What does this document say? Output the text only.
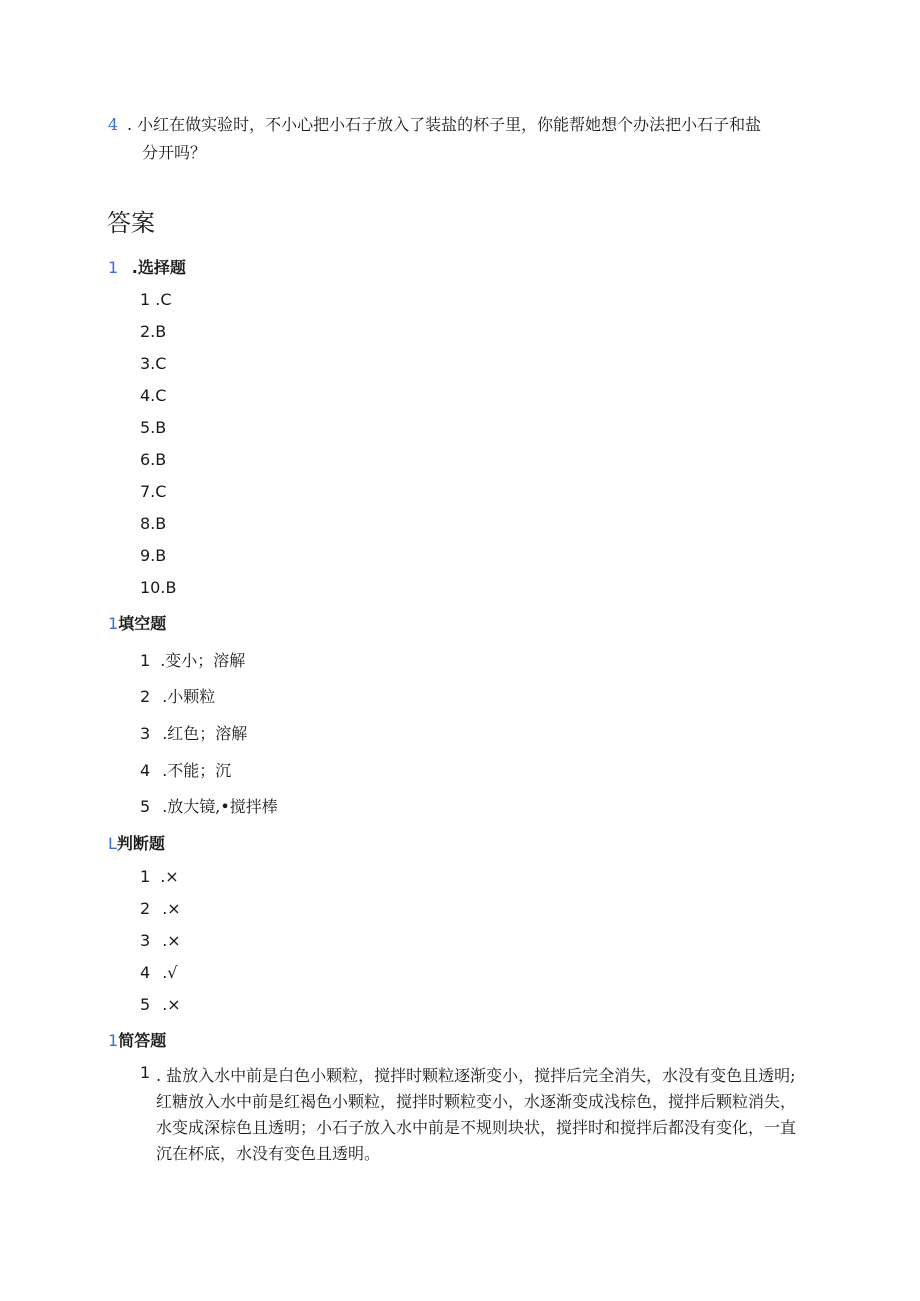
4 . 小红在做实验时，不小心把小石子放入了装盐的杯子里，你能帮她想个办法把小石子和盐
分开吗？
答案
1 .选择题
1 .C
2.B
3.C
4.C
5.B
6.B
7.C
8.B
9.B
10.B
1填空题
1 .变小；溶解
2 .小颗粒
3 .红色；溶解
4 .不能；沉
5 .放大镜,•搅拌棒
L判断题
1 .×
2 .×
3 .×
4 .√
5 .×
1简答题
1 . 盐放入水中前是白色小颗粒，搅拌时颗粒逐渐变小，搅拌后完全消失，水没有变色且透明;红糖放入水中前是红褐色小颗粒，搅拌时颗粒变小，水逐渐变成浅棕色，搅拌后颗粒消失，水变成深棕色且透明；小石子放入水中前是不规则块状，搅拌时和搅拌后都没有变化，一直沉在杯底，水没有变色且透明。
